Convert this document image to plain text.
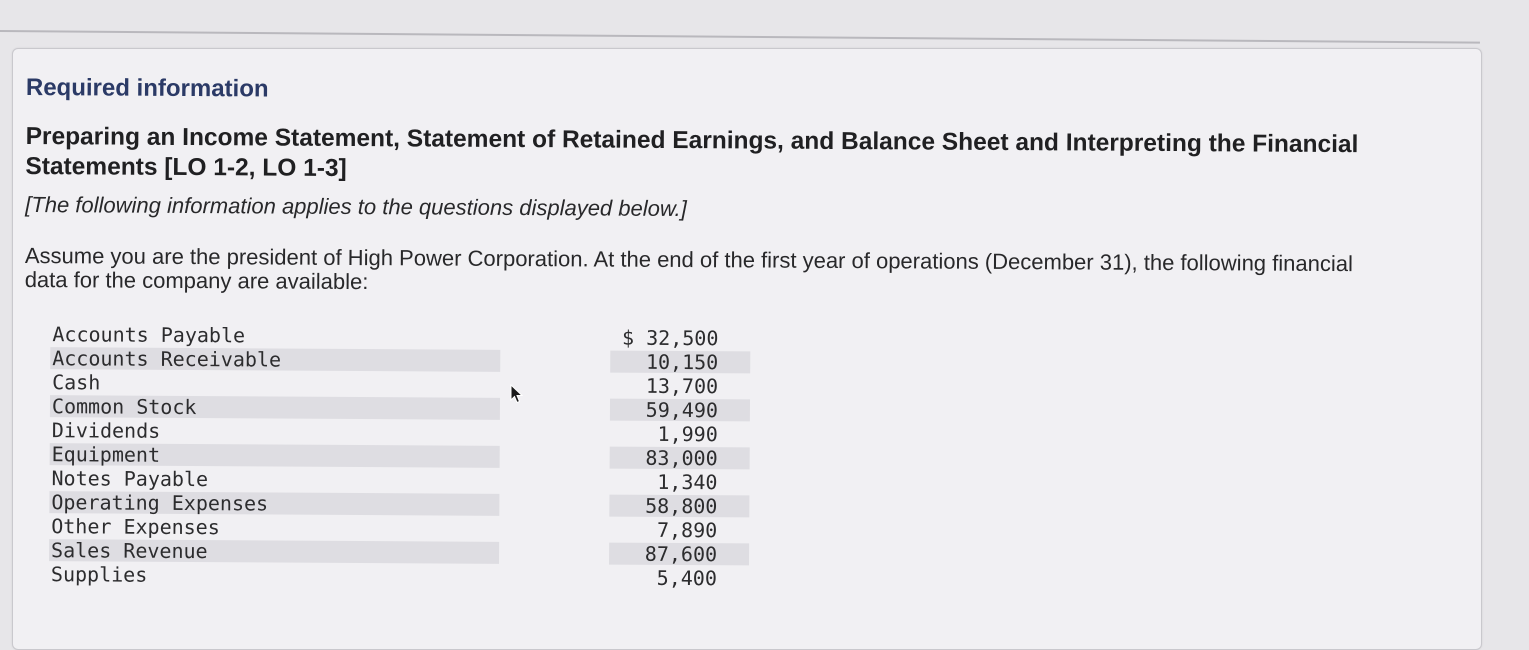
Required information
Preparing an Income Statement, Statement of Retained Earnings, and Balance Sheet and Interpreting the Financial Statements [LO 1-2, LO 1-3]
[The following information applies to the questions displayed below.]
Assume you are the president of High Power Corporation. At the end of the first year of operations (December 31), the following financial data for the company are available:
Accounts Payable	$ 32,500
Accounts Receivable	10,150
Cash	13,700
Common Stock	59,490
Dividends	1,990
Equipment	83,000
Notes Payable	1,340
Operating Expenses	58,800
Other Expenses	7,890
Sales Revenue	87,600
Supplies	5,400
